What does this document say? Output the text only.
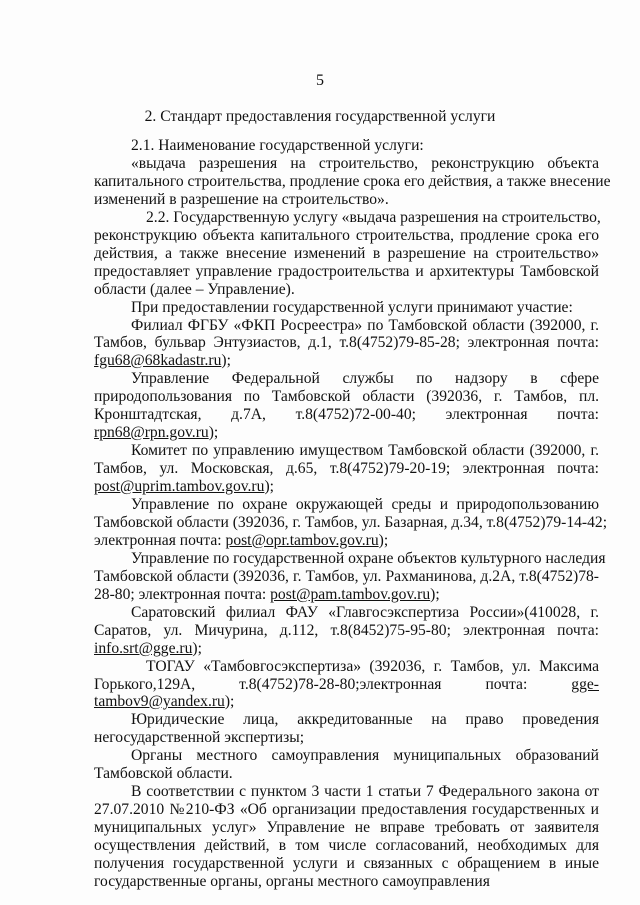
5
2. Стандарт предоставления государственной услуги

2.1. Наименование государственной услуги:

«выдача разрешения на строительство, реконструкцию объекта

капитального строительства, продление срока его действия, а также внесение

изменений в разрешение на строительство».

2.2. Государственную услугу «выдача разрешения на строительство,

реконструкцию объекта капитального строительства, продление срока его

действия, а также внесение изменений в разрешение на строительство»

предоставляет управление градостроительства и архитектуры Тамбовской

области (далее – Управление).

При предоставлении государственной услуги принимают участие:

Филиал ФГБУ «ФКП Росреестра» по Тамбовской области (392000, г.

Тамбов, бульвар Энтузиастов, д.1, т.8(4752)79-85-28; электронная почта:

fgu68@68kadastr.ru);

Управление Федеральной службы по надзору в сфере

природопользования по Тамбовской области (392036, г. Тамбов, пл.

Кронштадтская, д.7А, т.8(4752)72-00-40; электронная почта:

rpn68@rpn.gov.ru);

Комитет по управлению имуществом Тамбовской области (392000, г.

Тамбов, ул. Московская, д.65, т.8(4752)79-20-19; электронная почта:

post@uprim.tambov.gov.ru);

Управление по охране окружающей среды и природопользованию

Тамбовской области (392036, г. Тамбов, ул. Базарная, д.34, т.8(4752)79-14-42;

электронная почта: post@opr.tambov.gov.ru);

Управление по государственной охране объектов культурного наследия

Тамбовской области (392036, г. Тамбов, ул. Рахманинова, д.2А, т.8(4752)78-

28-80; электронная почта: post@pam.tambov.gov.ru);

Саратовский филиал ФАУ «Главгосэкспертиза России»(410028, г.

Саратов, ул. Мичурина, д.112, т.8(8452)75-95-80; электронная почта:

info.srt@gge.ru);

ТОГАУ «Тамбовгосэкспертиза» (392036, г. Тамбов, ул. Максима

Горького,129А, т.8(4752)78-28-80;электронная почта: gge-

tambov9@yandex.ru);

Юридические лица, аккредитованные на право проведения

негосударственной экспертизы;

Органы местного самоуправления муниципальных образований

Тамбовской области.

В соответствии с пунктом 3 части 1 статьи 7 Федерального закона от

27.07.2010 №210-ФЗ «Об организации предоставления государственных и

муниципальных услуг» Управление не вправе требовать от заявителя

осуществления действий, в том числе согласований, необходимых для

получения государственной услуги и связанных с обращением в иные

государственные органы, органы местного самоуправления
